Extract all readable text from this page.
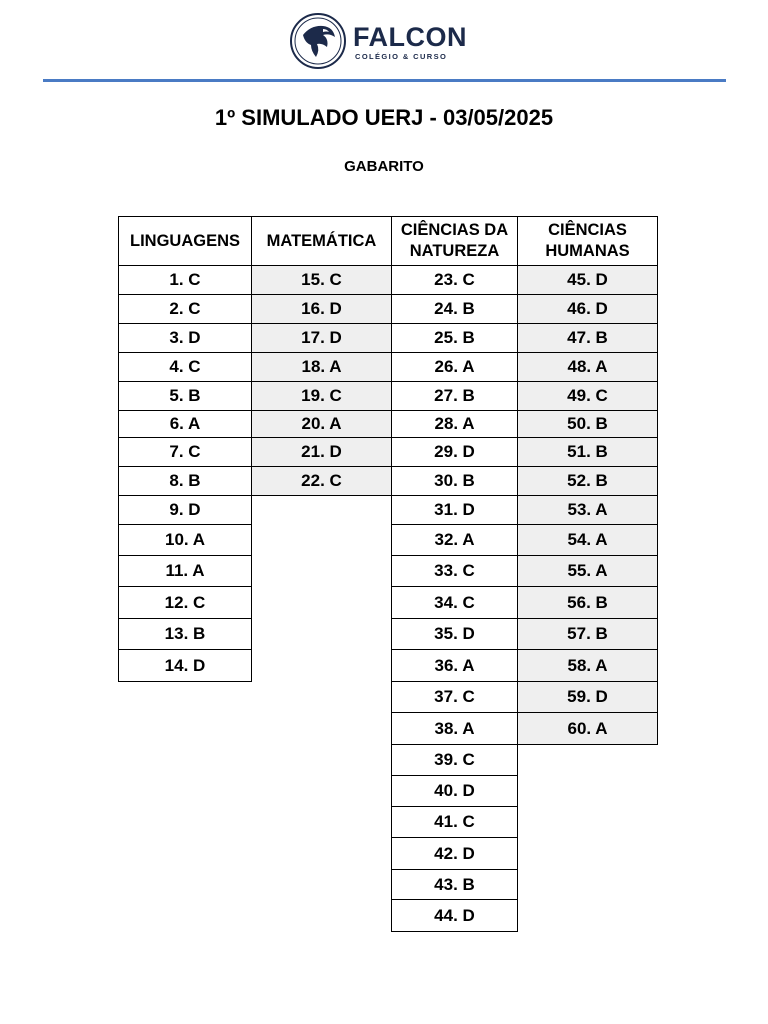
FALCON
COLÉGIO & CURSO
1º SIMULADO UERJ - 03/05/2025
GABARITO
LINGUAGENS
1. C
2. C
3. D
4. C
5. B
6. A
7. C
8. B
9. D
10. A
11. A
12. C
13. B
14. D
MATEMÁTICA
15. C
16. D
17. D
18. A
19. C
20. A
21. D
22. C
CIÊNCIAS DA
NATUREZA
23. C
24. B
25. B
26. A
27. B
28. A
29. D
30. B
31. D
32. A
33. C
34. C
35. D
36. A
37. C
38. A
39. C
40. D
41. C
42. D
43. B
44. D
CIÊNCIAS
HUMANAS
45. D
46. D
47. B
48. A
49. C
50. B
51. B
52. B
53. A
54. A
55. A
56. B
57. B
58. A
59. D
60. A
